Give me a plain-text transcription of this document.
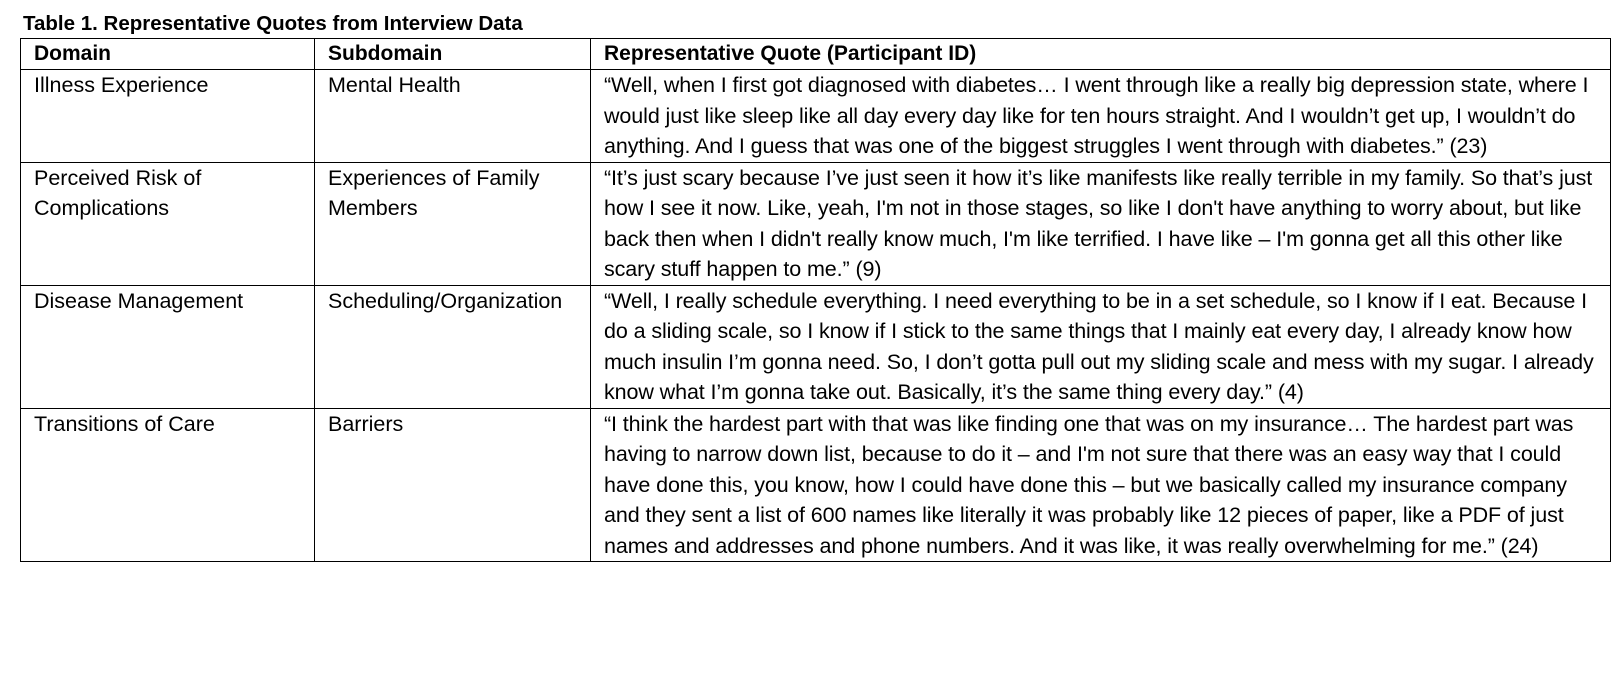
Table 1. Representative Quotes from Interview Data
Domain	Subdomain	Representative Quote (Participant ID)
Illness Experience	Mental Health	“Well, when I first got diagnosed with diabetes… I went through like a really big depression state, where I would just like sleep like all day every day like for ten hours straight. And I wouldn’t get up, I wouldn’t do anything. And I guess that was one of the biggest struggles I went through with diabetes.” (23)
Perceived Risk of Complications	Experiences of Family Members	“It’s just scary because I’ve just seen it how it’s like manifests like really terrible in my family. So that’s just how I see it now. Like, yeah, I'm not in those stages, so like I don't have anything to worry about, but like back then when I didn't really know much, I'm like terrified. I have like – I'm gonna get all this other like scary stuff happen to me.” (9)
Disease Management	Scheduling/Organization	“Well, I really schedule everything. I need everything to be in a set schedule, so I know if I eat. Because I do a sliding scale, so I know if I stick to the same things that I mainly eat every day, I already know how much insulin I’m gonna need. So, I don’t gotta pull out my sliding scale and mess with my sugar. I already know what I’m gonna take out. Basically, it’s the same thing every day.” (4)
Transitions of Care	Barriers	“I think the hardest part with that was like finding one that was on my insurance… The hardest part was having to narrow down list, because to do it – and I'm not sure that there was an easy way that I could have done this, you know, how I could have done this – but we basically called my insurance company and they sent a list of 600 names like literally it was probably like 12 pieces of paper, like a PDF of just names and addresses and phone numbers. And it was like, it was really overwhelming for me.” (24)
